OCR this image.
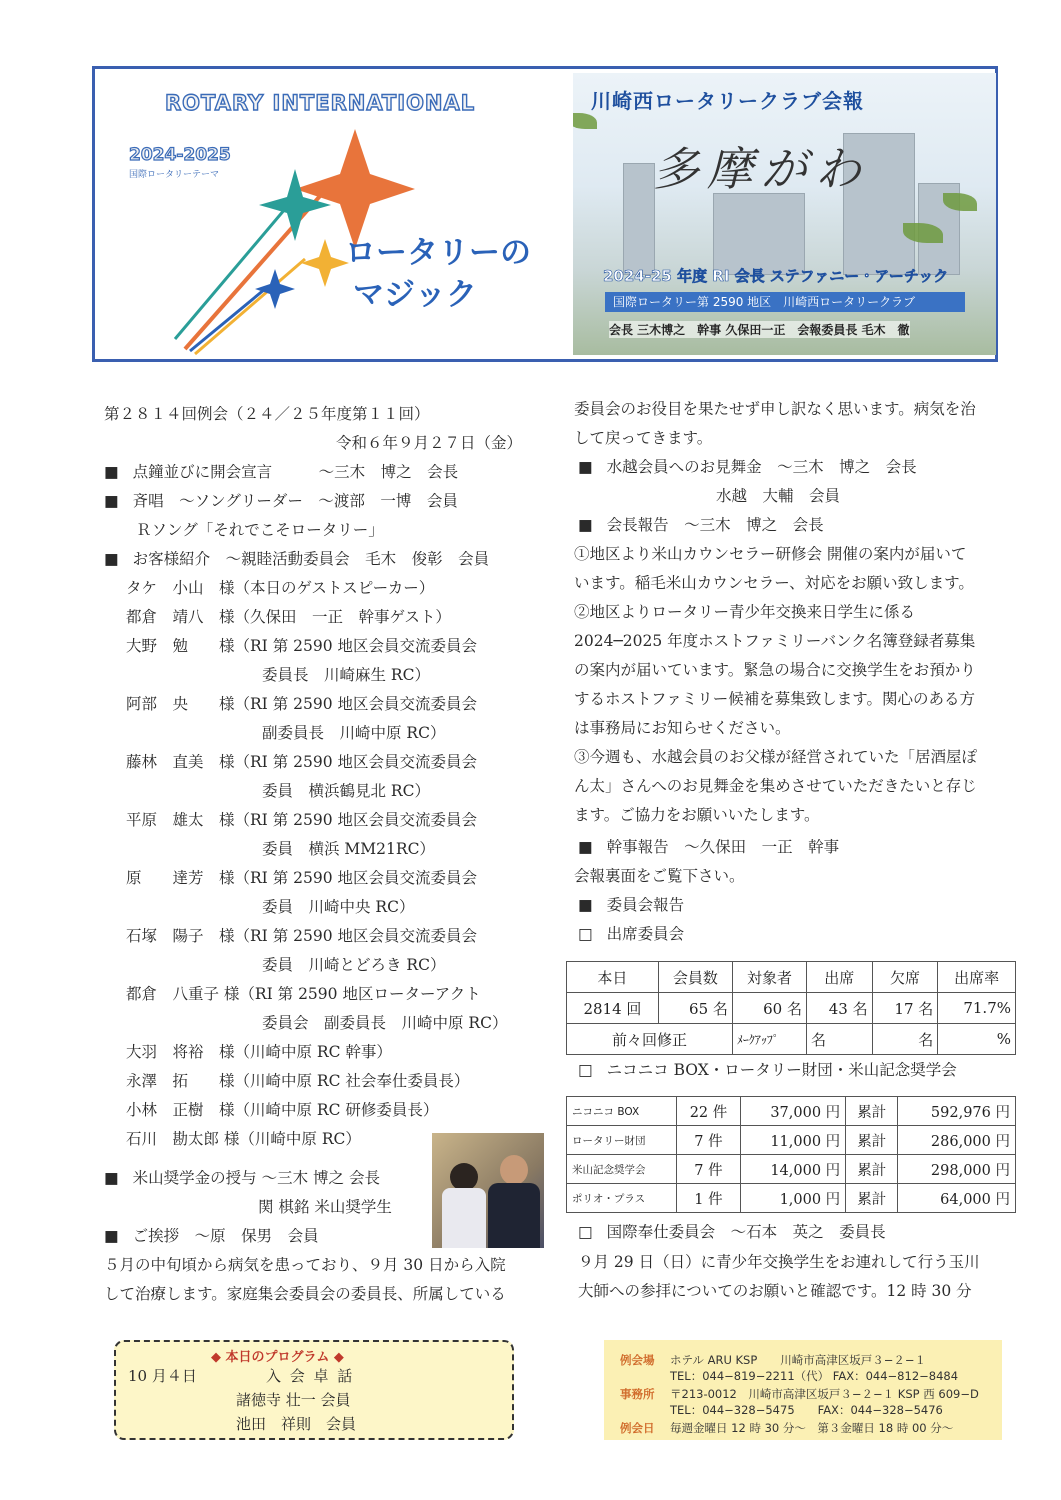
ROTARY INTERNATIONAL
2024-2025
国際ロータリーテーマ
ロータリーの
マジック
川崎西ロータリークラブ会報
多摩がわ
2024-25 年度 RI 会長 ステファニー・アーチック
国際ロータリー第 2590 地区　川崎西ロータリークラブ
会長 三木博之　幹事 久保田一正　会報委員長 毛木　徹
第２８１４回例会（２４／２５年度第１１回）
令和６年９月２７日（金）
■ 点鐘並びに開会宣言　　　～三木　博之　会長
■ 斉唱　～ソングリーダー　～渡部　一博　会員
Ｒソング「それでこそロータリー」
■ お客様紹介　～親睦活動委員会　毛木　俊彰　会員
タケ　小山　様（本日のゲストスピーカー）
都倉　靖八　様（久保田　一正　幹事ゲスト）
大野　勉　　様（RI 第 2590 地区会員交流委員会
委員長　川崎麻生 RC）
阿部　央　　様（RI 第 2590 地区会員交流委員会
副委員長　川崎中原 RC）
藤林　直美　様（RI 第 2590 地区会員交流委員会
委員　横浜鶴見北 RC）
平原　雄太　様（RI 第 2590 地区会員交流委員会
委員　横浜 MM21RC）
原　　達芳　様（RI 第 2590 地区会員交流委員会
委員　川崎中央 RC）
石塚　陽子　様（RI 第 2590 地区会員交流委員会
委員　川崎とどろき RC）
都倉　八重子 様（RI 第 2590 地区ローターアクト
委員会　副委員長　川崎中原 RC）
大羽　将裕　様（川崎中原 RC 幹事）
永澤　拓　　様（川崎中原 RC 社会奉仕委員長）
小林　正樹　様（川崎中原 RC 研修委員長）
石川　勘太郎 様（川崎中原 RC）
■ 米山奨学金の授与 ～三木 博之 会長
関 棋銘 米山奨学生
■ ご挨拶　～原　保男　会員
５月の中旬頃から病気を患っており、９月 30 日から入院
して治療します。家庭集会委員会の委員長、所属している
委員会のお役目を果たせず申し訳なく思います。病気を治
して戻ってきます。
■ 水越会員へのお見舞金　～三木　博之　会長
水越　大輔　会員
■ 会長報告　～三木　博之　会長
①地区より米山カウンセラー研修会 開催の案内が届いて
います。稲毛米山カウンセラー、対応をお願い致します。
②地区よりロータリー青少年交換来日学生に係る
2024─2025 年度ホストファミリーバンク名簿登録者募集
の案内が届いています。緊急の場合に交換学生をお預かり
するホストファミリー候補を募集致します。関心のある方
は事務局にお知らせください。
③今週も、水越会員のお父様が経営されていた「居酒屋ぽ
ん太」さんへのお見舞金を集めさせていただきたいと存じ
ます。ご協力をお願いいたします。
■ 幹事報告　～久保田　一正　幹事
会報裏面をご覧下さい。
■ 委員会報告
□ 出席委員会
本日	会員数	対象者	出席	欠席	出席率
2814 回	65 名	60 名	43 名	17 名	71.7%
前々回修正		ﾒｰｸｱｯﾌﾟ	名	名	%
□ ニコニコ BOX・ロータリー財団・米山記念奨学会
ニコニコ BOX	22 件	37,000 円	累計	592,976 円
ロータリー財団	7 件	11,000 円	累計	286,000 円
米山記念奨学会	7 件	14,000 円	累計	298,000 円
ポリオ・プラス	1 件	1,000 円	累計	64,000 円
□ 国際奉仕委員会　～石本　英之　委員長
９月 29 日（日）に青少年交換学生をお連れして行う玉川
大師への参拝についてのお願いと確認です。12 時 30 分
◆ 本日のプログラム ◆
10 月４日	入 会 卓 話
諸徳寺 壮一 会員
池田　祥則　会員
例会場 ホテル ARU KSP　　川崎市高津区坂戸３−２−１
TEL：044−819−2211（代） FAX：044−812−8484
事務所 〒213-0012　川崎市高津区坂戸３−２−１ KSP 西 609−D
TEL：044−328−5475　　FAX：044−328−5476
例会日 毎週金曜日 12 時 30 分～　第３金曜日 18 時 00 分～
